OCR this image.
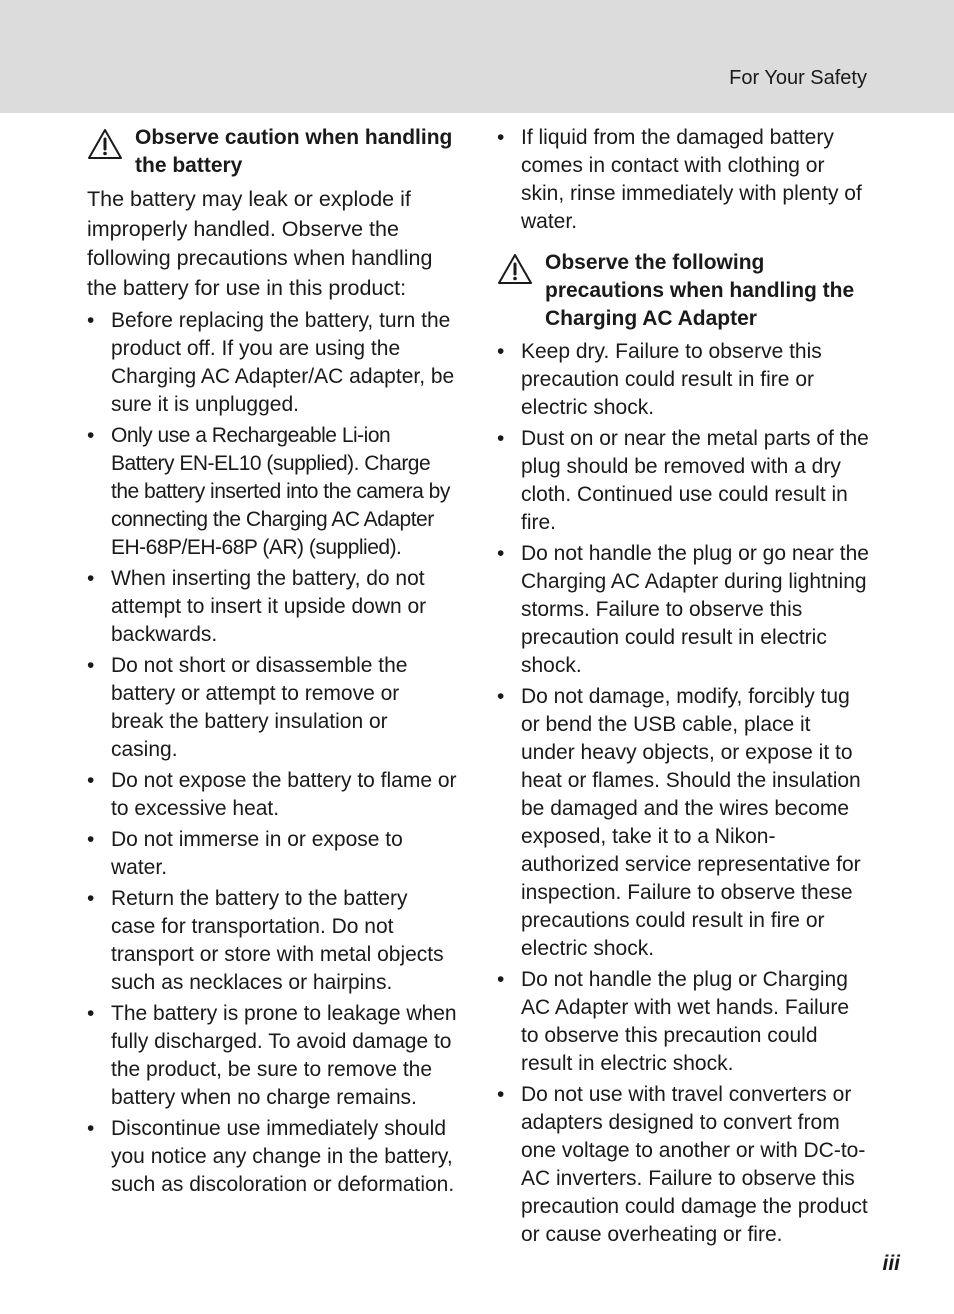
For Your Safety
Observe caution when handling the battery

The battery may leak or explode if improperly handled. Observe the following precautions when handling the battery for use in this product:

• Before replacing the battery, turn the product off. If you are using the Charging AC Adapter/AC adapter, be sure it is unplugged.
• Only use a Rechargeable Li-ion Battery EN-EL10 (supplied). Charge the battery inserted into the camera by connecting the Charging AC Adapter EH-68P/EH-68P (AR) (supplied).
• When inserting the battery, do not attempt to insert it upside down or backwards.
• Do not short or disassemble the battery or attempt to remove or break the battery insulation or casing.
• Do not expose the battery to flame or to excessive heat.
• Do not immerse in or expose to water.
• Return the battery to the battery case for transportation. Do not transport or store with metal objects such as necklaces or hairpins.
• The battery is prone to leakage when fully discharged. To avoid damage to the product, be sure to remove the battery when no charge remains.
• Discontinue use immediately should you notice any change in the battery, such as discoloration or deformation.
• If liquid from the damaged battery comes in contact with clothing or skin, rinse immediately with plenty of water.
Observe the following precautions when handling the Charging AC Adapter
• Keep dry. Failure to observe this precaution could result in fire or electric shock.
• Dust on or near the metal parts of the plug should be removed with a dry cloth. Continued use could result in fire.
• Do not handle the plug or go near the Charging AC Adapter during lightning storms. Failure to observe this precaution could result in electric shock.
• Do not damage, modify, forcibly tug or bend the USB cable, place it under heavy objects, or expose it to heat or flames. Should the insulation be damaged and the wires become exposed, take it to a Nikon-authorized service representative for inspection. Failure to observe these precautions could result in fire or electric shock.
• Do not handle the plug or Charging AC Adapter with wet hands. Failure to observe this precaution could result in electric shock.
• Do not use with travel converters or adapters designed to convert from one voltage to another or with DC-to-AC inverters. Failure to observe this precaution could damage the product or cause overheating or fire.
iii
